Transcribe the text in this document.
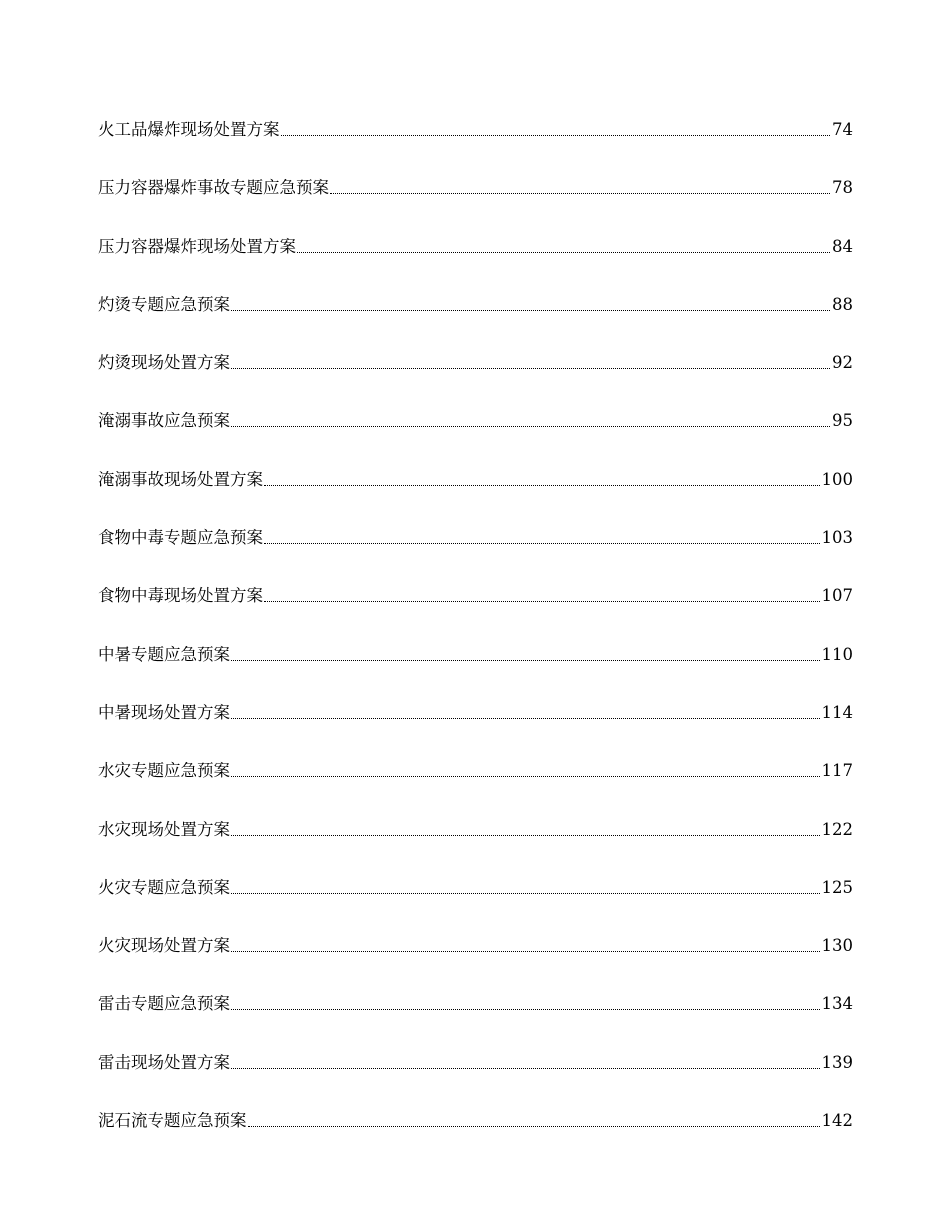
火工品爆炸现场处置方案	74
压力容器爆炸事故专题应急预案	78
压力容器爆炸现场处置方案	84
灼烫专题应急预案	88
灼烫现场处置方案	92
淹溺事故应急预案	95
淹溺事故现场处置方案	100
食物中毒专题应急预案	103
食物中毒现场处置方案	107
中暑专题应急预案	110
中暑现场处置方案	114
水灾专题应急预案	117
水灾现场处置方案	122
火灾专题应急预案	125
火灾现场处置方案	130
雷击专题应急预案	134
雷击现场处置方案	139
泥石流专题应急预案	142
